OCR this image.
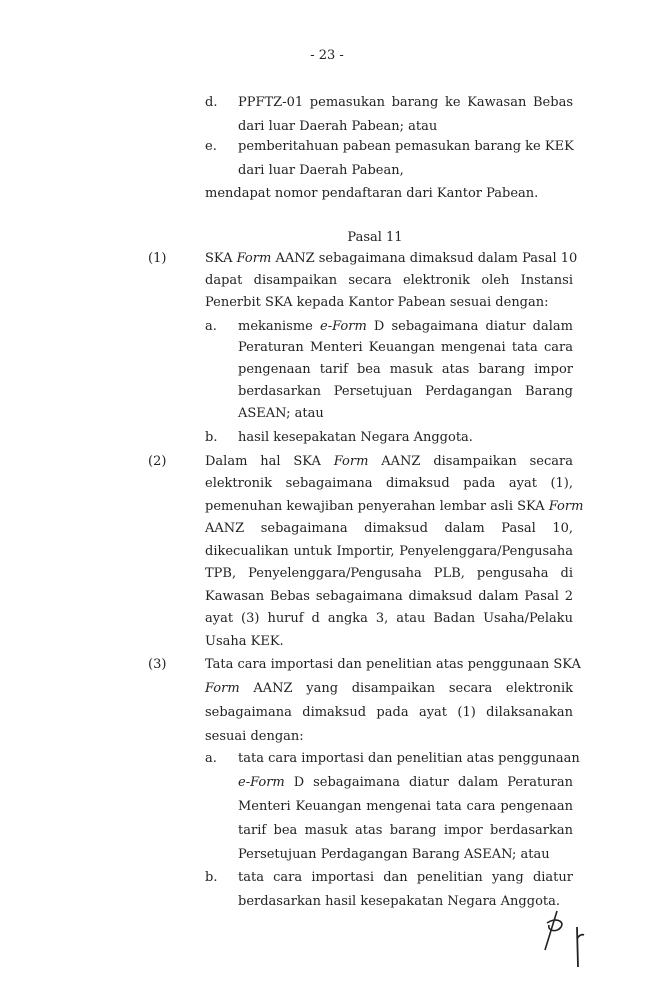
- 23 -
d. PPFTZ-01 pemasukan barang ke Kawasan Bebas
dari luar Daerah Pabean; atau
e. pemberitahuan pabean pemasukan barang ke KEK
dari luar Daerah Pabean,
mendapat nomor pendaftaran dari Kantor Pabean.
Pasal 11
(1)	SKA Form AANZ sebagaimana dimaksud dalam Pasal 10
dapat disampaikan secara elektronik oleh Instansi
Penerbit SKA kepada Kantor Pabean sesuai dengan:
a. mekanisme e-Form D sebagaimana diatur dalam
Peraturan Menteri Keuangan mengenai tata cara
pengenaan tarif bea masuk atas barang impor
berdasarkan Persetujuan Perdagangan Barang
ASEAN; atau
b. hasil kesepakatan Negara Anggota.
(2)	Dalam hal SKA Form AANZ disampaikan secara
elektronik sebagaimana dimaksud pada ayat (1),
pemenuhan kewajiban penyerahan lembar asli SKA Form
AANZ sebagaimana dimaksud dalam Pasal 10,
dikecualikan untuk Importir, Penyelenggara/Pengusaha
TPB, Penyelenggara/Pengusaha PLB, pengusaha di
Kawasan Bebas sebagaimana dimaksud dalam Pasal 2
ayat (3) huruf d angka 3, atau Badan Usaha/Pelaku
Usaha KEK.
(3)	Tata cara importasi dan penelitian atas penggunaan SKA
Form AANZ yang disampaikan secara elektronik
sebagaimana dimaksud pada ayat (1) dilaksanakan
sesuai dengan:
a. tata cara importasi dan penelitian atas penggunaan
e-Form D sebagaimana diatur dalam Peraturan
Menteri Keuangan mengenai tata cara pengenaan
tarif bea masuk atas barang impor berdasarkan
Persetujuan Perdagangan Barang ASEAN; atau
b. tata cara importasi dan penelitian yang diatur
berdasarkan hasil kesepakatan Negara Anggota.
